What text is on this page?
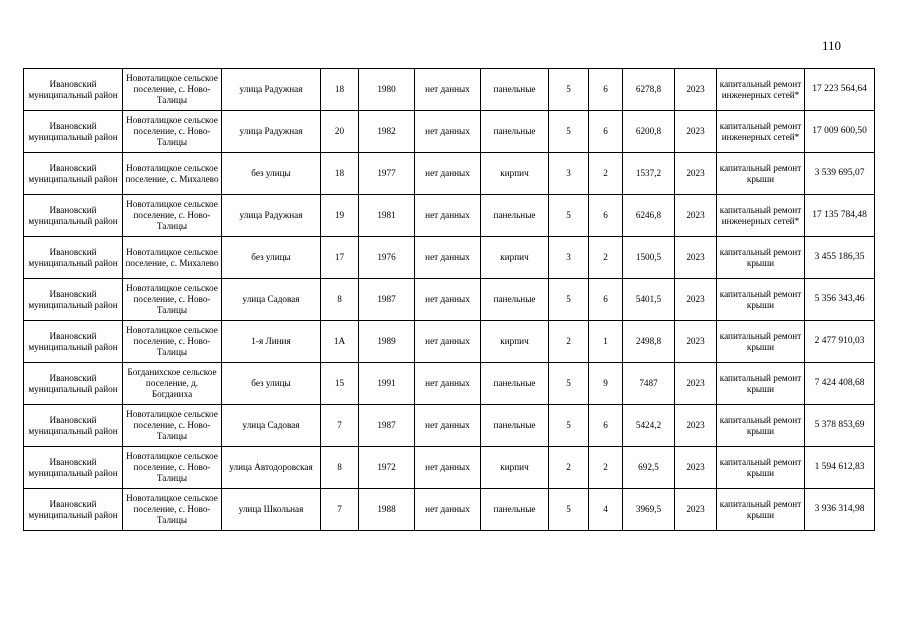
110
Ивановский муниципальный район	Новоталицкое сельское поселение, с. Ново-Талицы	улица Радужная	18	1980	нет данных	панельные	5	6	6278,8	2023	капитальный ремонт инженерных сетей*	17 223 564,64
Ивановский муниципальный район	Новоталицкое сельское поселение, с. Ново-Талицы	улица Радужная	20	1982	нет данных	панельные	5	6	6200,8	2023	капитальный ремонт инженерных сетей*	17 009 600,50
Ивановский муниципальный район	Новоталицкое сельское поселение, с. Михалево	без улицы	18	1977	нет данных	кирпич	3	2	1537,2	2023	капитальный ремонт крыши	3 539 695,07
Ивановский муниципальный район	Новоталицкое сельское поселение, с. Ново-Талицы	улица Радужная	19	1981	нет данных	панельные	5	6	6246,8	2023	капитальный ремонт инженерных сетей*	17 135 784,48
Ивановский муниципальный район	Новоталицкое сельское поселение, с. Михалево	без улицы	17	1976	нет данных	кирпич	3	2	1500,5	2023	капитальный ремонт крыши	3 455 186,35
Ивановский муниципальный район	Новоталицкое сельское поселение, с. Ново-Талицы	улица Садовая	8	1987	нет данных	панельные	5	6	5401,5	2023	капитальный ремонт крыши	5 356 343,46
Ивановский муниципальный район	Новоталицкое сельское поселение, с. Ново-Талицы	1-я Линия	1А	1989	нет данных	кирпич	2	1	2498,8	2023	капитальный ремонт крыши	2 477 910,03
Ивановский муниципальный район	Богданихское сельское поселение, д. Богданиха	без улицы	15	1991	нет данных	панельные	5	9	7487	2023	капитальный ремонт крыши	7 424 408,68
Ивановский муниципальный район	Новоталицкое сельское поселение, с. Ново-Талицы	улица Садовая	7	1987	нет данных	панельные	5	6	5424,2	2023	капитальный ремонт крыши	5 378 853,69
Ивановский муниципальный район	Новоталицкое сельское поселение, с. Ново-Талицы	улица Автодоровская	8	1972	нет данных	кирпич	2	2	692,5	2023	капитальный ремонт крыши	1 594 612,83
Ивановский муниципальный район	Новоталицкое сельское поселение, с. Ново-Талицы	улица Школьная	7	1988	нет данных	панельные	5	4	3969,5	2023	капитальный ремонт крыши	3 936 314,98
